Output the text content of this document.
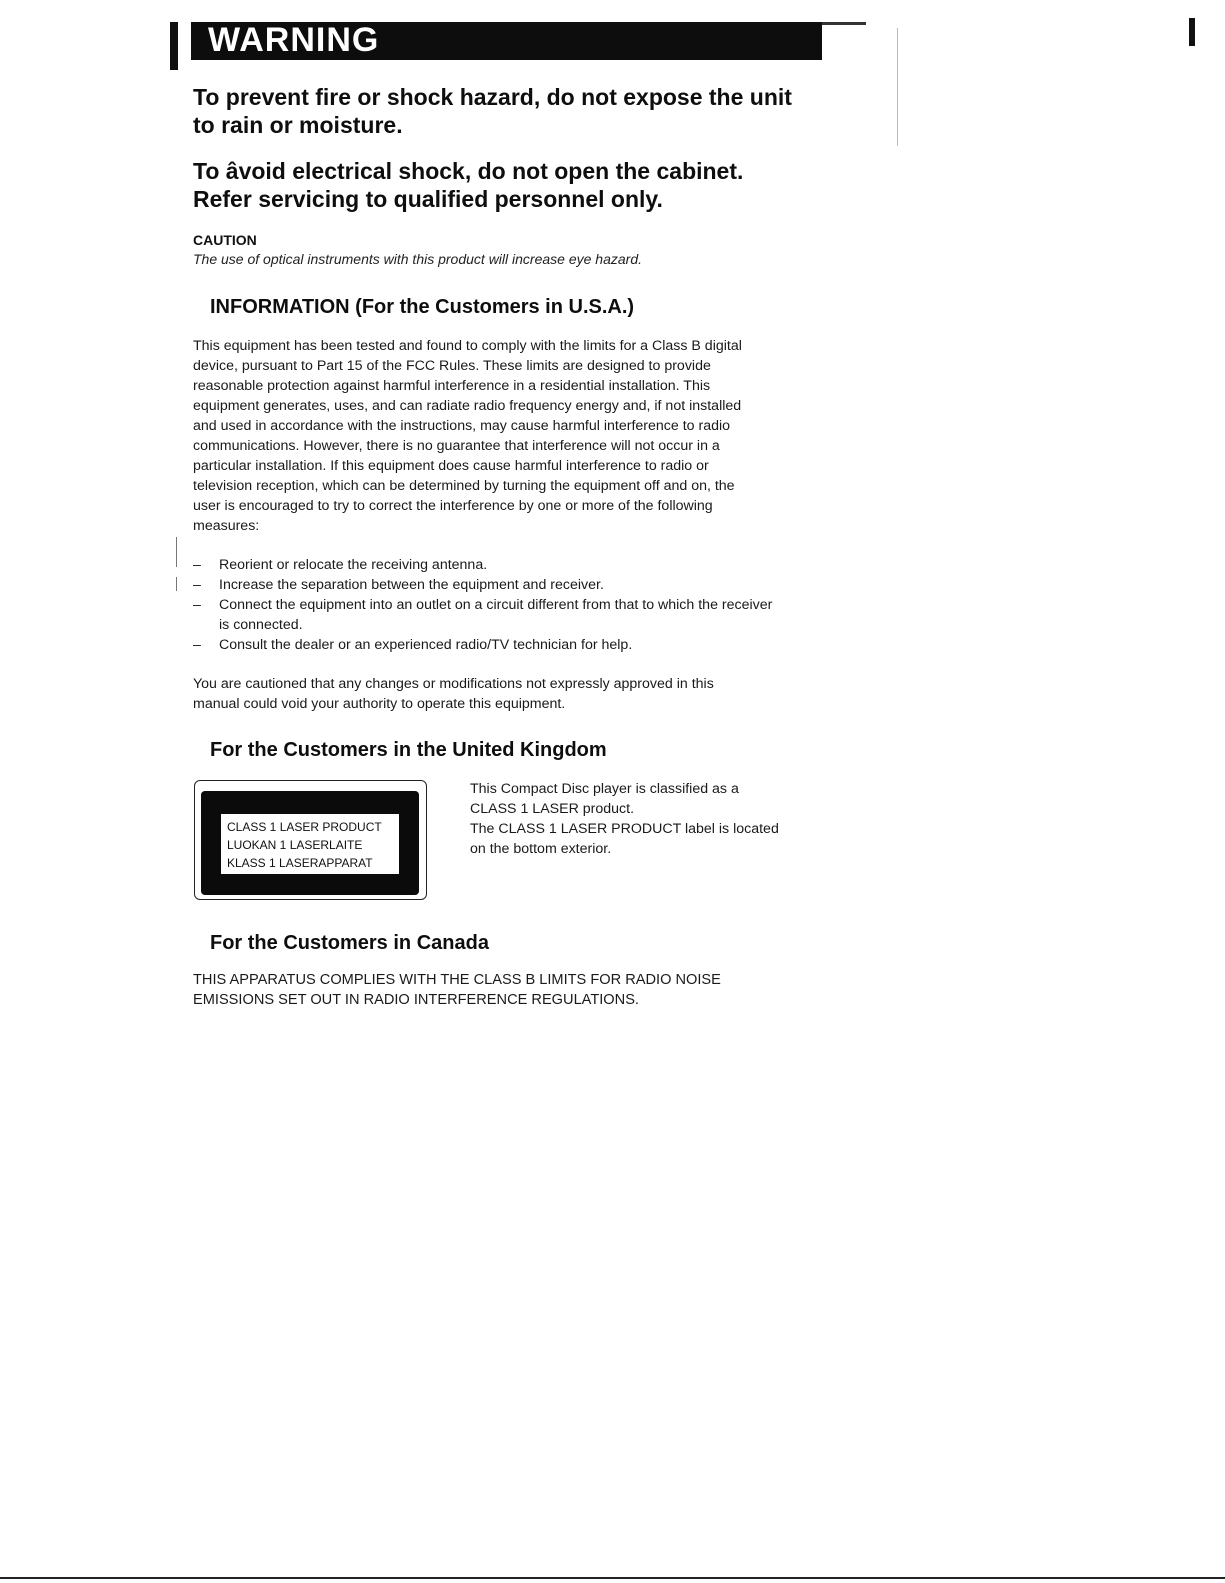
WARNING

To prevent fire or shock hazard, do not expose the unit

to rain or moisture.

To âvoid electrical shock, do not open the cabinet.

Refer servicing to qualified personnel only.

CAUTION

The use of optical instruments with this product will increase eye hazard.

INFORMATION (For the Customers in U.S.A.)

This equipment has been tested and found to comply with the limits for a Class B digital

device, pursuant to Part 15 of the FCC Rules. These limits are designed to provide

reasonable protection against harmful interference in a residential installation. This

equipment generates, uses, and can radiate radio frequency energy and, if not installed

and used in accordance with the instructions, may cause harmful interference to radio

communications. However, there is no guarantee that interference will not occur in a

particular installation. If this equipment does cause harmful interference to radio or

television reception, which can be determined by turning the equipment off and on, the

user is encouraged to try to correct the interference by one or more of the following

measures:

– Reorient or relocate the receiving antenna.
– Increase the separation between the equipment and receiver.
– Connect the equipment into an outlet on a circuit different from that to which the receiver is connected.
– Consult the dealer or an experienced radio/TV technician for help.

You are cautioned that any changes or modifications not expressly approved in this

manual could void your authority to operate this equipment.

For the Customers in the United Kingdom

CLASS 1 LASER PRODUCT

LUOKAN 1 LASERLAITE

KLASS 1 LASERAPPARAT

This Compact Disc player is classified as a

CLASS 1 LASER product.

The CLASS 1 LASER PRODUCT label is located

on the bottom exterior.

For the Customers in Canada
THIS APPARATUS COMPLIES WITH THE CLASS B LIMITS FOR RADIO NOISE
EMISSIONS SET OUT IN RADIO INTERFERENCE REGULATIONS.
